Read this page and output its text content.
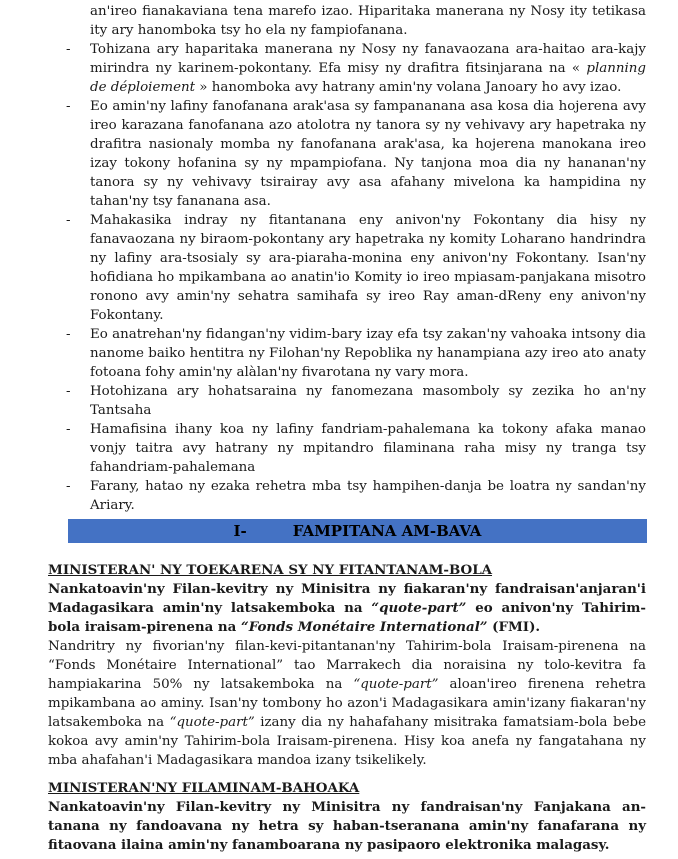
an'ireo fianakaviana tena marefo izao. Hiparitaka manerana ny Nosy ity tetikasa ity ary hanomboka tsy ho ela ny fampiofanana.
- Tohizana ary haparitaka manerana ny Nosy ny fanavaozana ara-haitao ara-kajy mirindra ny karinem-pokontany. Efa misy ny drafitra fitsinjarana na « planning de déploiement » hanomboka avy hatrany amin'ny volana Janoary ho avy izao.
- Eo amin'ny lafiny fanofanana arak'asa sy fampananana asa kosa dia hojerena avy ireo karazana fanofanana azo atolotra ny tanora sy ny vehivavy ary hapetraka ny drafitra nasionaly momba ny fanofanana arak'asa, ka hojerena manokana ireo izay tokony hofanina sy ny mpampiofana. Ny tanjona moa dia ny hananan'ny tanora sy ny vehivavy tsirairay avy asa afahany mivelona ka hampidina ny tahan'ny tsy fananana asa.
- Mahakasika indray ny fitantanana eny anivon'ny Fokontany dia hisy ny fanavaozana ny biraom-pokontany ary hapetraka ny komity Loharano handrindra ny lafiny ara-tsosialy sy ara-piaraha-monina eny anivon'ny Fokontany. Isan'ny hofidiana ho mpikambana ao anatin'io Komity io ireo mpiasam-panjakana misotro ronono avy amin'ny sehatra samihafa sy ireo Ray aman-dReny eny anivon'ny Fokontany.
- Eo anatrehan'ny fidangan'ny vidim-bary izay efa tsy zakan'ny vahoaka intsony dia nanome baiko hentitra ny Filohan'ny Repoblika ny hanampiana azy ireo ato anaty fotoana fohy amin'ny alàlan'ny fivarotana ny vary mora.
- Hotohizana ary hohatsaraina ny fanomezana masomboly sy zezika ho an'ny Tantsaha
- Hamafisina ihany koa ny lafiny fandriam-pahalemana ka tokony afaka manao vonjy taitra avy hatrany ny mpitandro filaminana raha misy ny tranga tsy fahandriam-pahalemana
- Farany, hatao ny ezaka rehetra mba tsy hampihen-danja be loatra ny sandan'ny Ariary.
I-	FAMPITANA AM-BAVA
MINISTERAN' NY TOEKARENA SY NY FITANTANAM-BOLA

Nankatoavin'ny Filan-kevitry ny Minisitra ny fiakaran'ny fandraisan'anjaran'i Madagasikara amin'ny latsakemboka na “quote-part” eo anivon'ny Tahirim-bola iraisam-pirenena na “Fonds Monétaire International” (FMI).

Nandritry ny fivorian'ny filan-kevi-pitantanan'ny Tahirim-bola Iraisam-pirenena na “Fonds Monétaire International” tao Marrakech dia noraisina ny tolo-kevitra fa hampiakarina 50% ny latsakemboka na “quote-part” aloan'ireo firenena rehetra mpikambana ao aminy. Isan'ny tombony ho azon'i Madagasikara amin'izany fiakaran'ny latsakemboka na “quote-part” izany dia ny hahafahany misitraka famatsiam-bola bebe kokoa avy amin'ny Tahirim-bola Iraisam-pirenena. Hisy koa anefa ny fangatahana ny mba ahafahan'i Madagasikara mandoa izany tsikelikely.

MINISTERAN'NY FILAMINAM-BAHOAKA

Nankatoavin'ny Filan-kevitry ny Minisitra ny fandraisan'ny Fanjakana an-tanana ny fandoavana ny hetra sy haban-tseranana amin'ny fanafarana ny fitaovana ilaina amin'ny fanamboarana ny pasipaoro elektronika malagasy.
